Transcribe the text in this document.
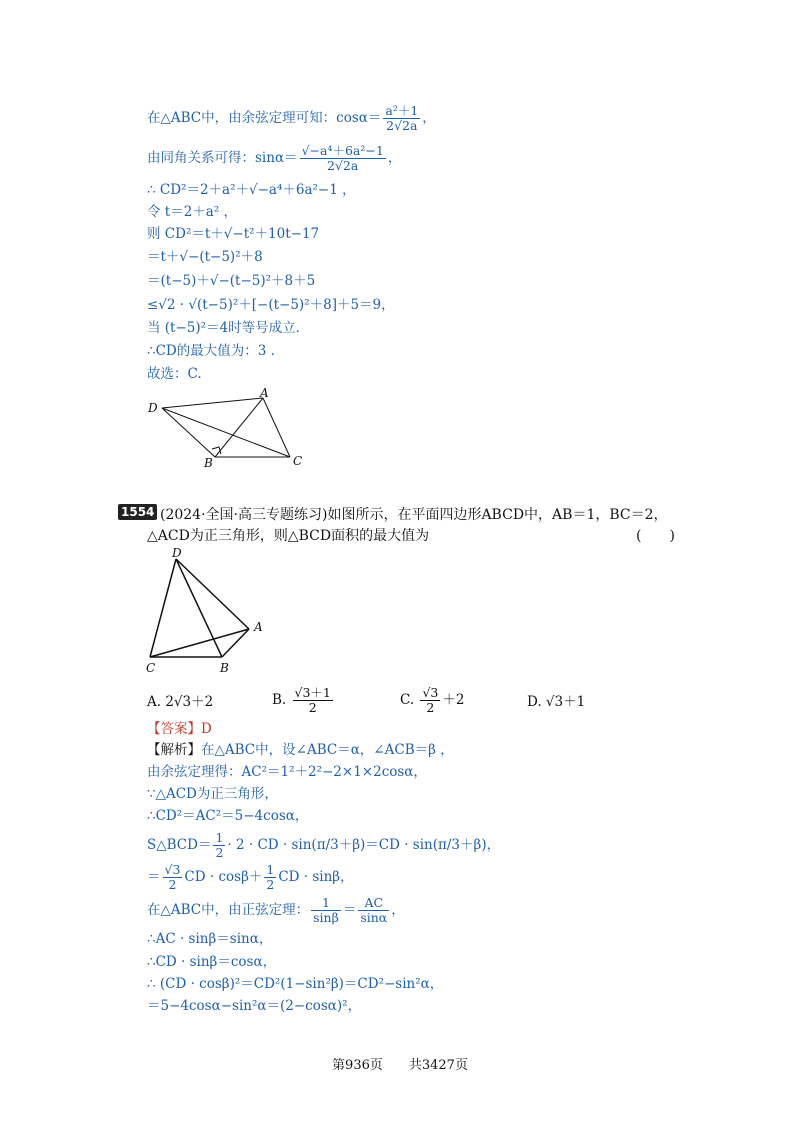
在△ABC中，由余弦定理可知：$\cos\alpha= \frac{\text{a²＋1}}{2√2a}$ ，
由同角关系可得：$\sin\alpha= \frac{\text{√−a⁴＋6a²−1}}{2√2a}$ ，
∴ CD²＝2＋a²＋√−a⁴＋6a²−1 ，
令 t＝2＋a² ，
则 CD²＝t＋√−t²＋10t−17
＝t＋√−(t−5)²＋8
＝(t−5)＋√−(t−5)²＋8＋5
≤√2 · √(t−5)²＋[−(t−5)²＋8]＋5＝9，
当 (t−5)²＝4时等号成立．
∴CD的最大值为：3 ．
故选：C.
D
A
B	C
1554 (2024·全国·高三专题练习)如图所示，在平面四边形ABCD中，AB＝1，BC＝2，
△ACD为正三角形，则△BCD面积的最大值为	(　　)
D
A
C	B
A. 2√3＋2	B. $\frac{√3+1}{2}$	C. $\frac{√3}{2} +2$	D. √3＋1
【答案】D
【解析】在△ABC中，设∠ABC＝α，∠ACB＝β ，
由余弦定理得：AC²＝1²＋2²−2×1×2cosα，
∵△ACD为正三角形，
∴CD²＝AC²＝5−4cosα，
S△BCD＝ $\frac{1}{2} \cdot 2$ · CD · sin(π/3＋β)＝CD · sin(π/3＋β)，
＝ $\frac{√3}{2}$ CD · $\cos\beta+ \frac{1}{2}$ CD · sinβ，
在△ABC中，由正弦定理： $\frac{1}{\sin\beta} = \frac{AC}{\sin\alpha}$ ，
∴AC · sinβ＝sinα，
∴CD · sinβ＝cosα，
∴ (CD · cosβ)²＝CD²(1−sin²β)＝CD²−sin²α，
＝5−4cosα−sin²α＝(2−cosα)²，
第936页　　共3427页
